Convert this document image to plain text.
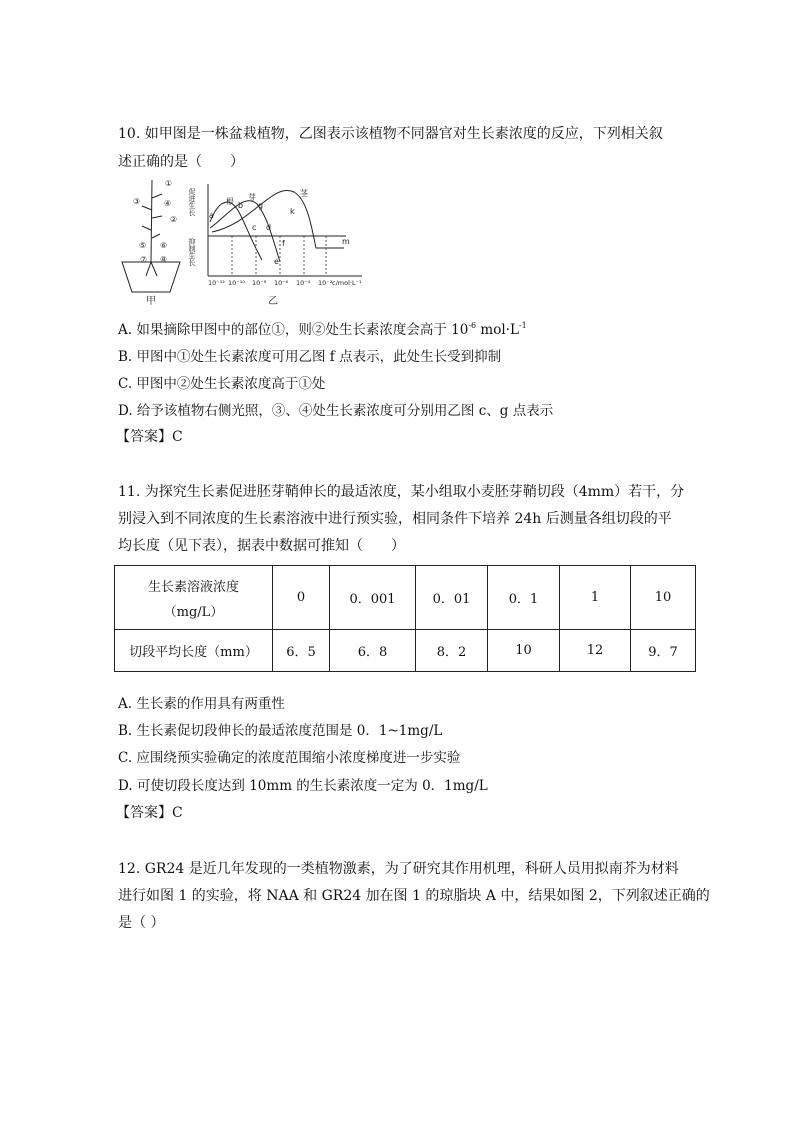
10. 如甲图是一株盆栽植物，乙图表示该植物不同器官对生长素浓度的反应，下列相关叙
述正确的是（　　）
①
④
③
②
⑤ ⑥
⑦ ⑧
甲
促进生长
抑制生长
根 芽	茎
a
b g
c d
k
f
e
m
10⁻¹² 10⁻¹⁰ 10⁻⁸ 10⁻⁶ 10⁻⁴ 10⁻² c/mol·L⁻¹
乙
A. 如果摘除甲图中的部位①，则②处生长素浓度会高于 $10^{-6}$ $mol\cdot L^{-1}$
B. 甲图中①处生长素浓度可用乙图 f 点表示，此处生长受到抑制
C. 甲图中②处生长素浓度高于①处
D. 给予该植物右侧光照，③、④处生长素浓度可分别用乙图 c、g 点表示
【答案】C
11. 为探究生长素促进胚芽鞘伸长的最适浓度，某小组取小麦胚芽鞘切段（4mm）若干，分
别浸入到不同浓度的生长素溶液中进行预实验，相同条件下培养 24h 后测量各组切段的平
均长度（见下表），据表中数据可推知（　　）
生长素溶液浓度
（mg/L）	0	0．001	0．01	0．1	1	10
切段平均长度（mm）	6．5	6．8	8．2	10	12	9．7
A. 生长素的作用具有两重性
B. 生长素促切段伸长的最适浓度范围是 0．1~1mg/L
C. 应围绕预实验确定的浓度范围缩小浓度梯度进一步实验
D. 可使切段长度达到 10mm 的生长素浓度一定为 0．1mg/L
【答案】C
12. GR24 是近几年发现的一类植物激素，为了研究其作用机理，科研人员用拟南芥为材料
进行如图 1 的实验，将 NAA 和 GR24 加在图 1 的琼脂块 A 中，结果如图 2，下列叙述正确的
是（ ）
